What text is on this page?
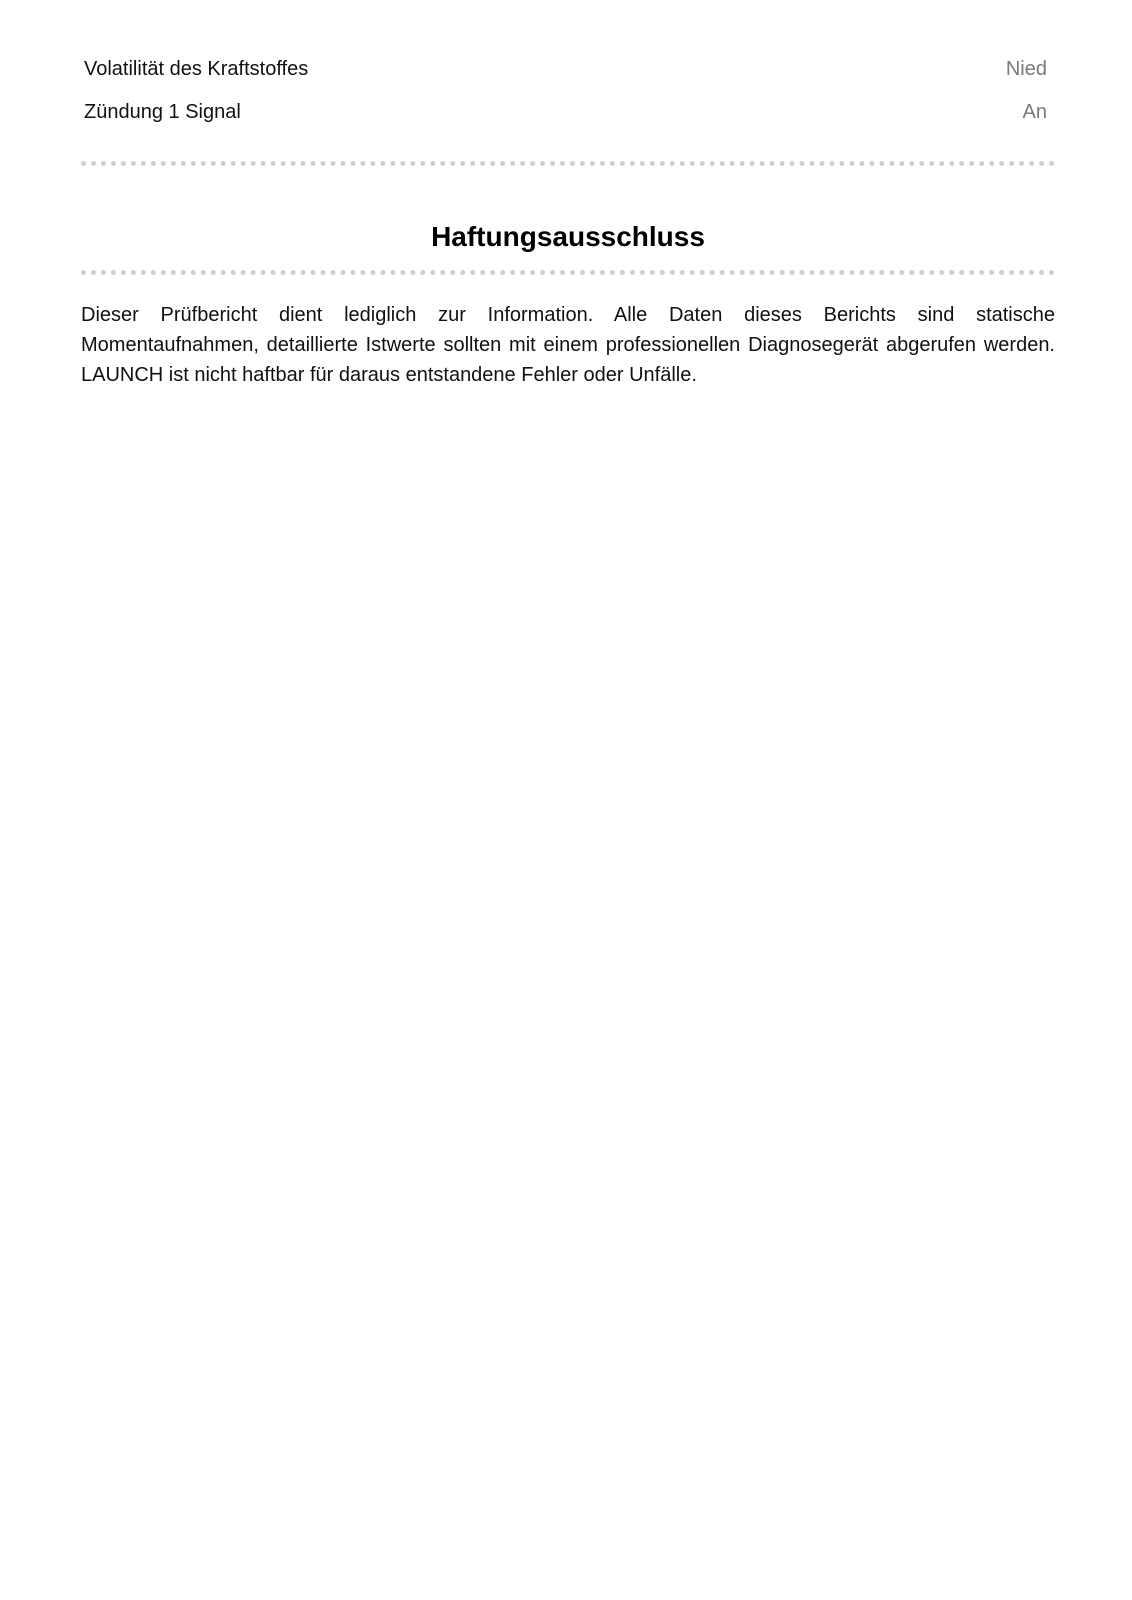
Volatilität des Kraftstoffes	Nied
Zündung 1 Signal	An
Haftungsausschluss

Dieser Prüfbericht dient lediglich zur Information. Alle Daten dieses Berichts sind statische Momentaufnahmen, detaillierte Istwerte sollten mit einem professionellen Diagnosegerät abgerufen werden. LAUNCH ist nicht haftbar für daraus entstandene Fehler oder Unfälle.
